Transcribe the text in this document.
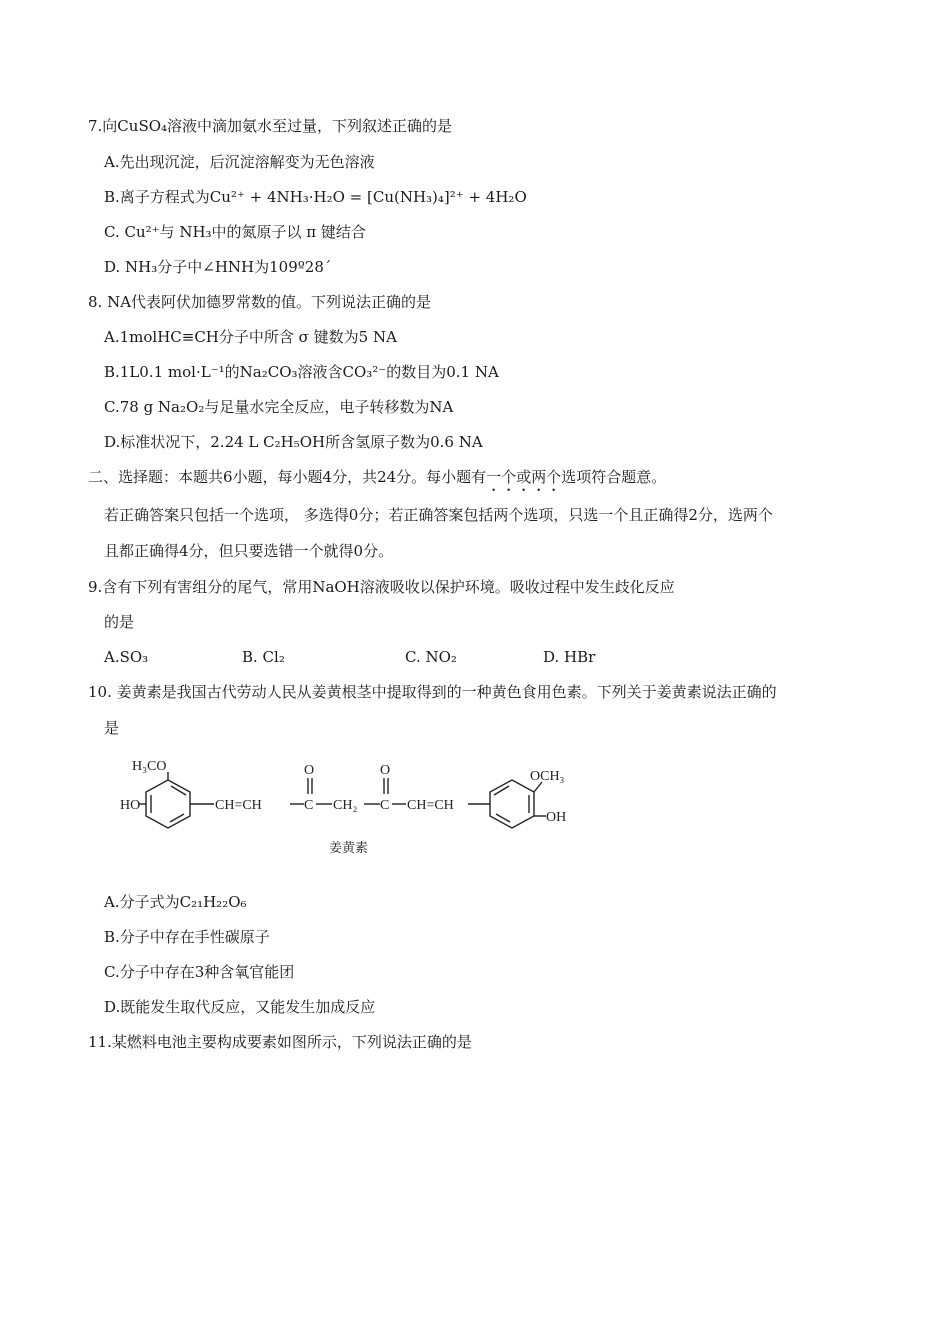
7.向CuSO₄溶液中滴加氨水至过量，下列叙述正确的是
A.先出现沉淀，后沉淀溶解变为无色溶液
B.离子方程式为Cu²⁺ + 4NH₃·H₂O = [Cu(NH₃)₄]²⁺ + 4H₂O
C. Cu²⁺与 NH₃中的氮原子以 π 键结合
D. NH₃分子中∠HNH为109º28´
8. NA代表阿伏加德罗常数的值。下列说法正确的是
A.1molHC≡CH分子中所含 σ 键数为5 NA
B.1L0.1 mol·L⁻¹的Na₂CO₃溶液含CO₃²⁻的数目为0.1 NA
C.78 g Na₂O₂与足量水完全反应，电子转移数为NA
D.标准状况下，2.24 L C₂H₅OH所含氢原子数为0.6 NA
二、选择题：本题共6小题，每小题4分，共24分。每小题有一个或两个选项符合题意。
若正确答案只包括一个选项， 多选得0分；若正确答案包括两个选项，只选一个且正确得2分，选两个
且都正确得4分，但只要选错一个就得0分。
9.含有下列有害组分的尾气，常用NaOH溶液吸收以保护环境。吸收过程中发生歧化反应
的是
A.SO₃	B. Cl₂	C. NO₂	D. HBr
10. 姜黄素是我国古代劳动人民从姜黄根茎中提取得到的一种黄色食用色素。下列关于姜黄素说法正确的
是
H₃CO
HO	CH=CH	C
O
CH₂ C
O
CH=CH
OCH₃
OH
姜黄素
A.分子式为C₂₁H₂₂O₆
B.分子中存在手性碳原子
C.分子中存在3种含氧官能团
D.既能发生取代反应，又能发生加成反应
11.某燃料电池主要构成要素如图所示，下列说法正确的是
